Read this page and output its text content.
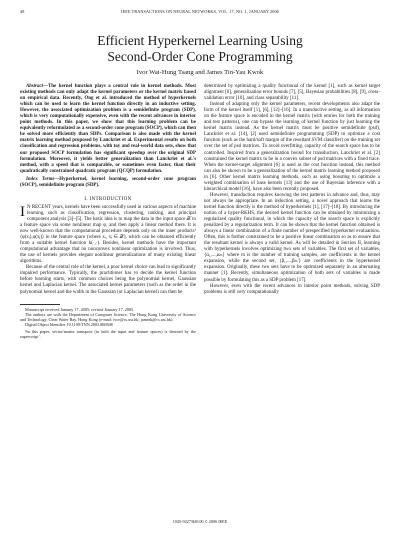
48	IEEE TRANSACTIONS ON NEURAL NETWORKS, VOL. 17, NO. 1, JANUARY 2006
Efficient Hyperkernel Learning Using
Second-Order Cone Programming
Ivor Wai-Hung Tsang and James Tin-Yau Kwok

Abstract—The kernel function plays a central role in kernel methods. Most existing methods can only adapt the kernel parameters or the kernel matrix based on empirical data. Recently, Ong et al. introduced the method of hyperkernels which can be used to learn the kernel function directly in an inductive setting. However, the associated optimization problem is a semidefinite program (SDP), which is very computationally expensive, even with the recent advances in interior point methods. In this paper, we show that this learning problem can be equivalently reformulated as a second-order cone program (SOCP), which can then be solved more efficiently than SDPs. Comparison is also made with the kernel matrix learning method proposed by Lanckriet et al. Experimental results on both classification and regression problems, with toy and real-world data sets, show that our proposed SOCP formulation has significant speedup over the original SDP formulation. Moreover, it yields better generalization than Lanckriet et al.'s method, with a speed that is comparable, or sometimes even faster, than their quadratically constrained quadratic program (QCQP) formulation.

Index Terms—Hyperkernel, kernel learning, second-order cone program (SOCP), semidefinite program (SDP).

I. INTRODUCTION

I N RECENT years, kernels have been successfully used in various aspects of machine learning, such as classification, regression, clustering, ranking, and principal component analysis [3]–[5]. The basic idea is to map the data in the input space 𝒳 to a feature space via some nonlinear map φ, and then apply a linear method there. It is now well-known that the computational procedure depends only on the inner products¹ ⟨φ(xᵢ),φ(xⱼ)⟩ in the feature space (where xᵢ, xⱼ ∈ 𝒳), which can be obtained efficiently from a suitable kernel function k(·,·). Besides, kernel methods have the important computational advantage that no nonconvex nonlinear optimization is involved. Thus, the use of kernels provides elegant nonlinear generalizations of many existing linear algorithms.

Because of the central role of the kernel, a poor kernel choice can lead to significantly impaired performance. Typically, the practitioner has to decide the kernel function before learning starts, with common choices being the polynomial kernel, Gaussian kernel and Laplacian kernel. The associated kernel parameters (such as the order in the polynomial kernel and the width in the Gaussian (or Laplacian kernel) can then be

Manuscript received January 17, 2005; revised January 17, 2005.

The authors are with the Department of Computer Science, The Hong Kong University of Science and Technology, Clear Water Bay, Hong Kong (e-mail: ivor@cs.ust.hk; jamesk@cs.ust.hk).

Digital Object Identifier 10.1109/TNN.2005.860848

¹In this paper, vector/matrix transpose (in both the input and feature spaces) is denoted by the superscript ′.

determined by optimizing a quality functional of the kernel [1], such as kernel target alignment [6], generalization error bounds [7], [5], Bayesian probabilities [8], [9], cross-validation error [10], and class separability [11].

Instead of adapting only the kernel parameters, recent developments also adapt the form of the kernel itself [1], [6], [12]–[16]. In a transductive setting, as all information on the feature space is encoded in the kernel matrix (with entries for both the training and test patterns), one can bypass the learning of kernel function by just learning the kernel matrix instead. As the kernel matrix must be positive semidefinite (psd), Lanckriet et al. [14], [2] used semidefinite programming (SDP) to optimize a cost function (such as the hard/soft margin of the resultant SVM classifier) on the training set over the set of psd matrices. To avoid overfitting, capacity of the search space has to be controlled. Inspired from a generalization bound for transduction, Lanckriet et al. [2] constrained the kernel matrix to be in a convex subset of psd matrices with a fixed trace. When the kernel-target alignment [6] is used as the cost function instead, this method can also be shown to be a generalization of the kernel matrix learning method proposed in [6]. Other kernel matrix learning methods, such as using boosting to optimize a weighted combination of base kernels [13] and the use of Bayesian inference with a hierarchical model [16], have also been recently proposed.

However, transduction requires knowing the test patterns in advance and, thus, may not always be appropriate. In an induction setting, a novel approach that learns the kernel function directly is the method of hyperkernels [1], [17]–[18]. By introducing the notion of a hyper-RKHS, the desired kernel function can be obtained by minimizing a regularized quality functional, in which the capacity of the search space is explicitly penalized by a regularization term. It can be shown that the kernel function obtained is always a linear combination of a finite number of prespecified hyperkernel evaluations. Often, this is further constrained to be a positive linear combination so as to ensure that the resultant kernel is always a valid kernel. As will be detailed in Section II, learning with hyperkernels involves optimizing two sets of variables. The first set of variables, {α₁,...,αₘ} where m is the number of training samples, are coefficients in the kernel expansion, while the second set, {β₁,...,βₘ′} are coefficients in the hyperkernel expansion. Originally, these two sets have to be optimized separately in an alternating manner [1]. Recently, simultaneous optimization of both sets of variables is made possible by formulating this as a SDP problem [17].

However, even with the recent advances in interior point methods, solving SDP problems is still very computationally

1045-9227/$20.00 © 2006 IEEE
